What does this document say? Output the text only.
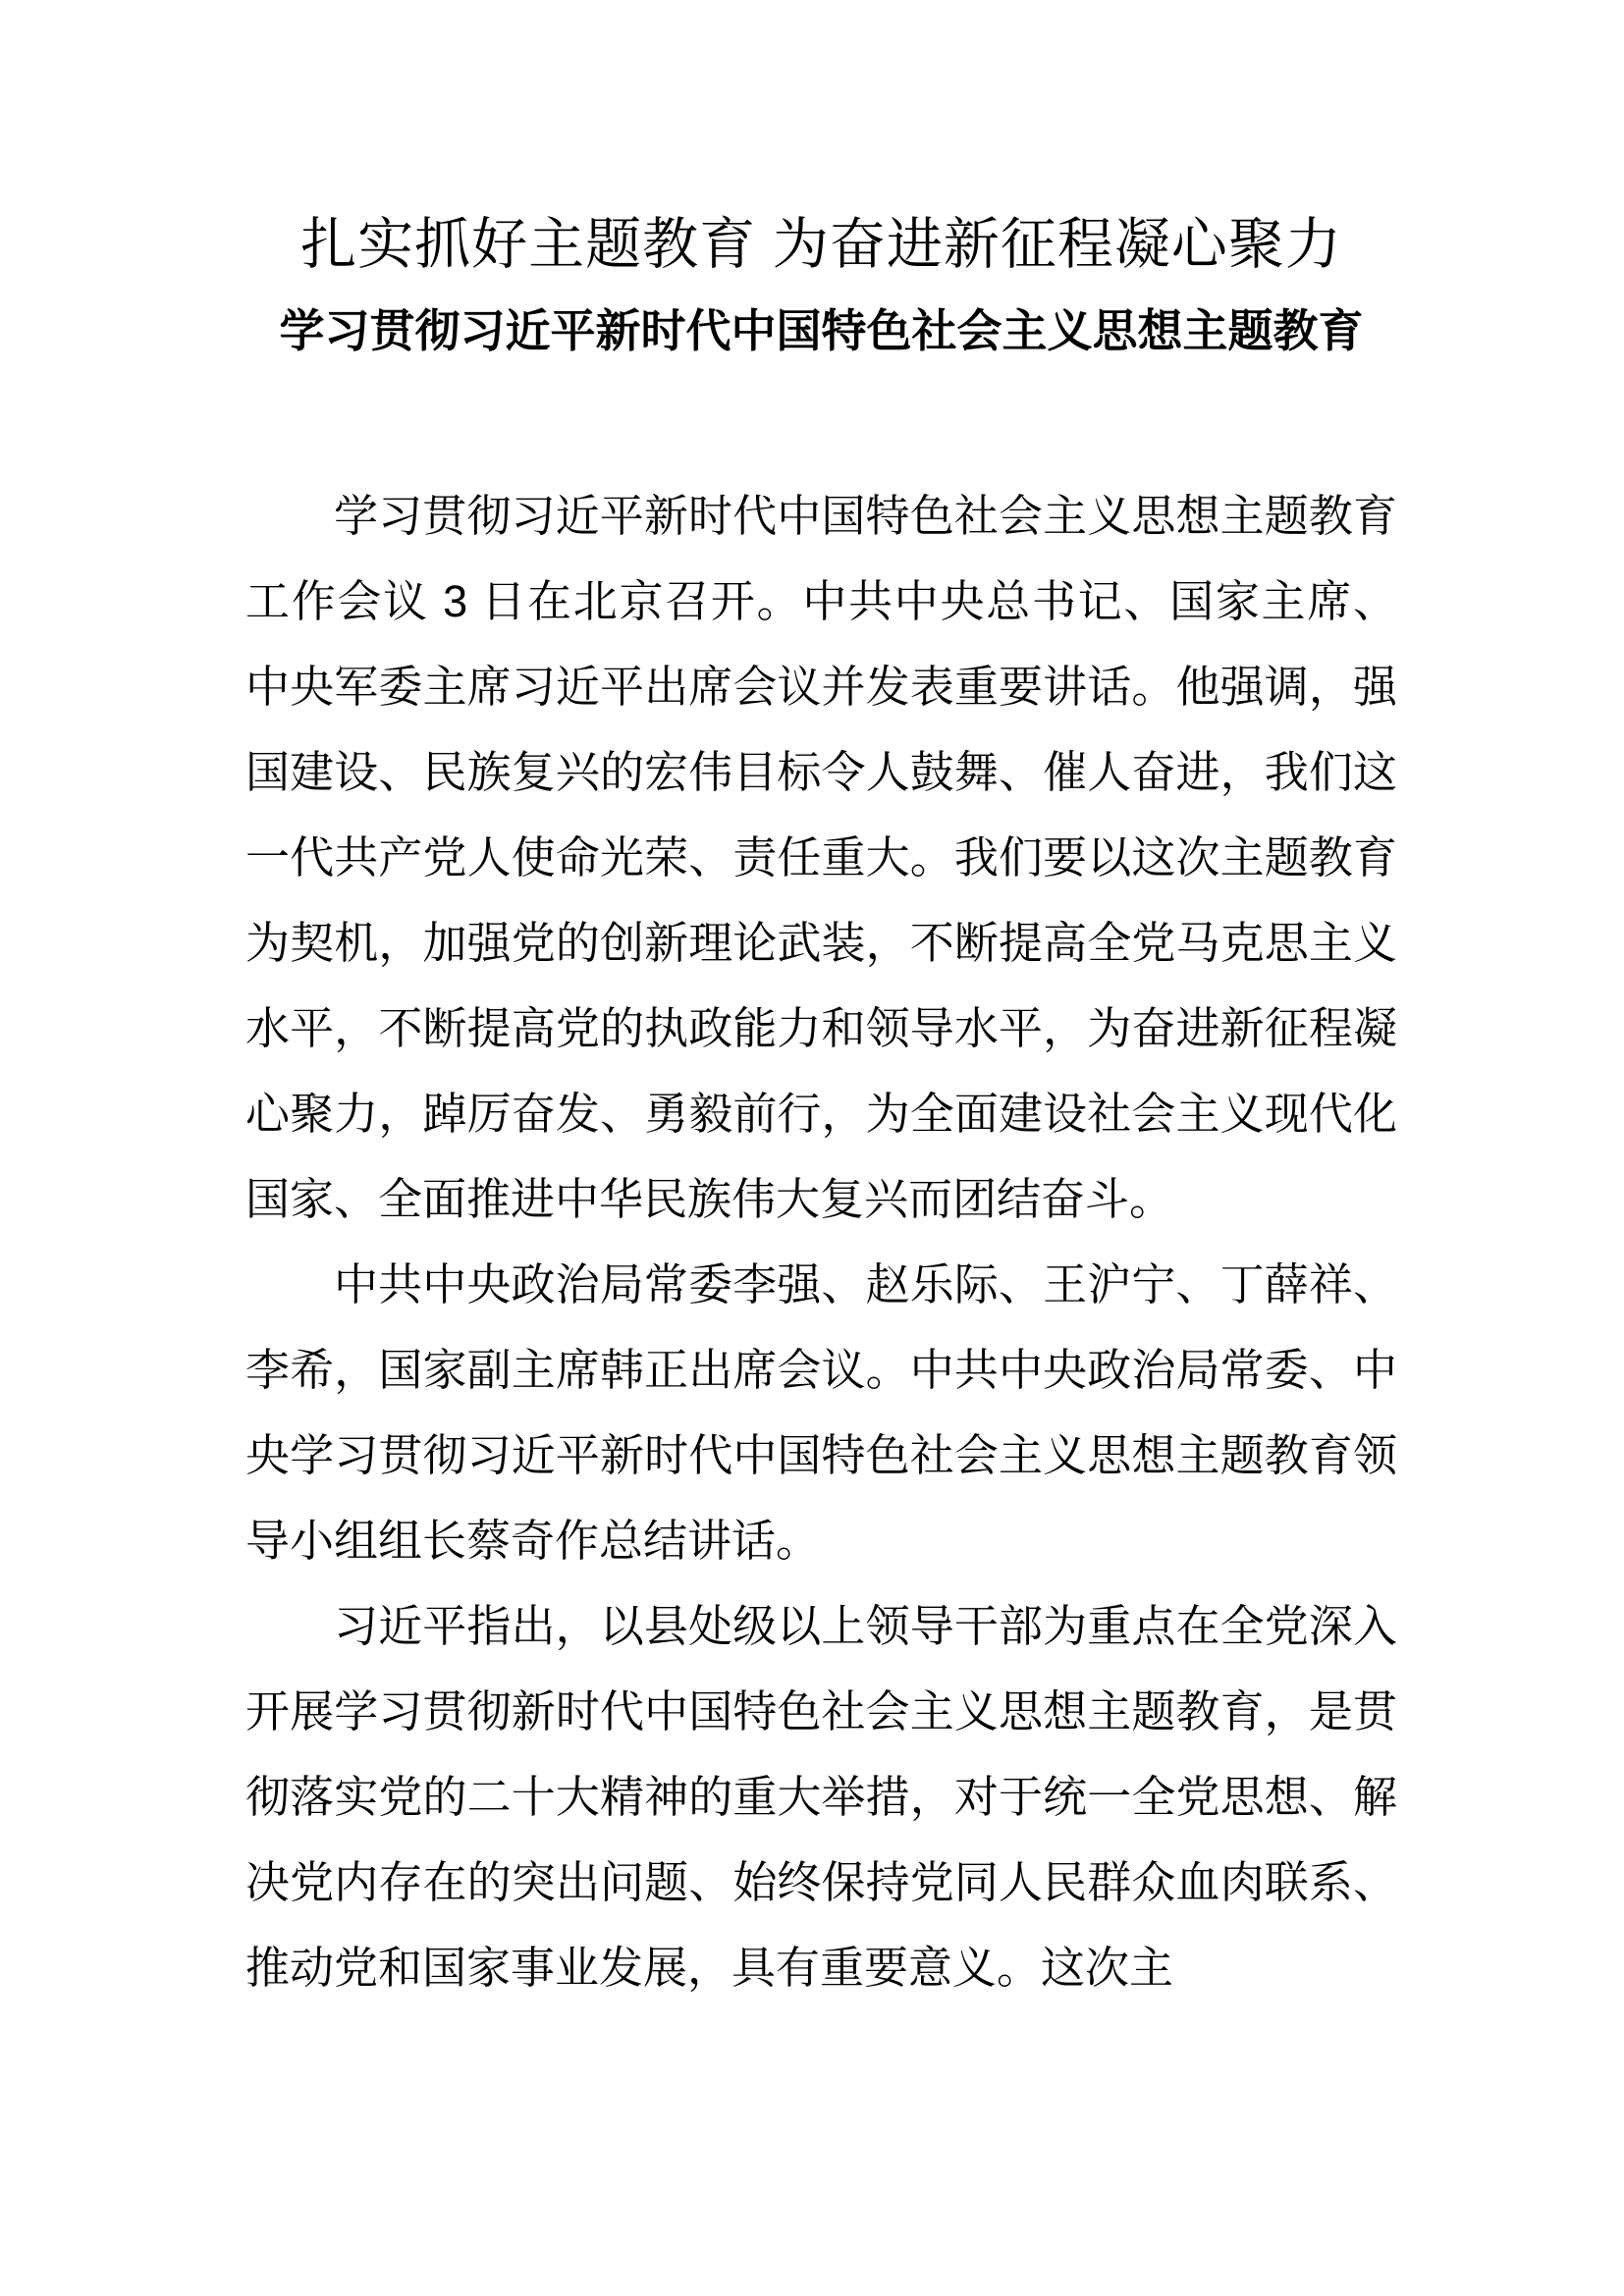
扎实抓好主题教育 为奋进新征程凝心聚力
学习贯彻习近平新时代中国特色社会主义思想主题教育

学习贯彻习近平新时代中国特色社会主义思想主题教育工作会议 3 日在北京召开。中共中央总书记、国家主席、中央军委主席习近平出席会议并发表重要讲话。他强调，强国建设、民族复兴的宏伟目标令人鼓舞、催人奋进，我们这一代共产党人使命光荣、责任重大。我们要以这次主题教育为契机，加强党的创新理论武装，不断提高全党马克思主义水平，不断提高党的执政能力和领导水平，为奋进新征程凝心聚力，踔厉奋发、勇毅前行，为全面建设社会主义现代化国家、全面推进中华民族伟大复兴而团结奋斗。

中共中央政治局常委李强、赵乐际、王沪宁、丁薛祥、李希，国家副主席韩正出席会议。中共中央政治局常委、中央学习贯彻习近平新时代中国特色社会主义思想主题教育领导小组组长蔡奇作总结讲话。

习近平指出，以县处级以上领导干部为重点在全党深入开展学习贯彻新时代中国特色社会主义思想主题教育，是贯彻落实党的二十大精神的重大举措，对于统一全党思想、解决党内存在的突出问题、始终保持党同人民群众血肉联系、推动党和国家事业发展，具有重要意义。这次主
